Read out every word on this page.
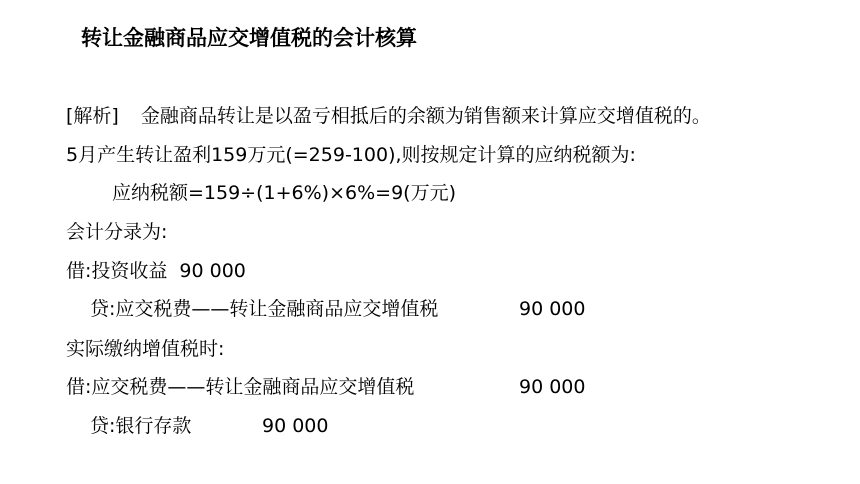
转让金融商品应交增值税的会计核算
[解析] 金融商品转让是以盈亏相抵后的余额为销售额来计算应交增值税的。
5月产生转让盈利159万元(=259-100),则按规定计算的应纳税额为:
应纳税额=159÷(1+6%)×6%=9(万元)
会计分录为:
借:投资收益 90 000
贷:应交税费——转让金融商品应交增值税	90 000
实际缴纳增值税时:
借:应交税费——转让金融商品应交增值税	90 000
贷:银行存款	90 000
